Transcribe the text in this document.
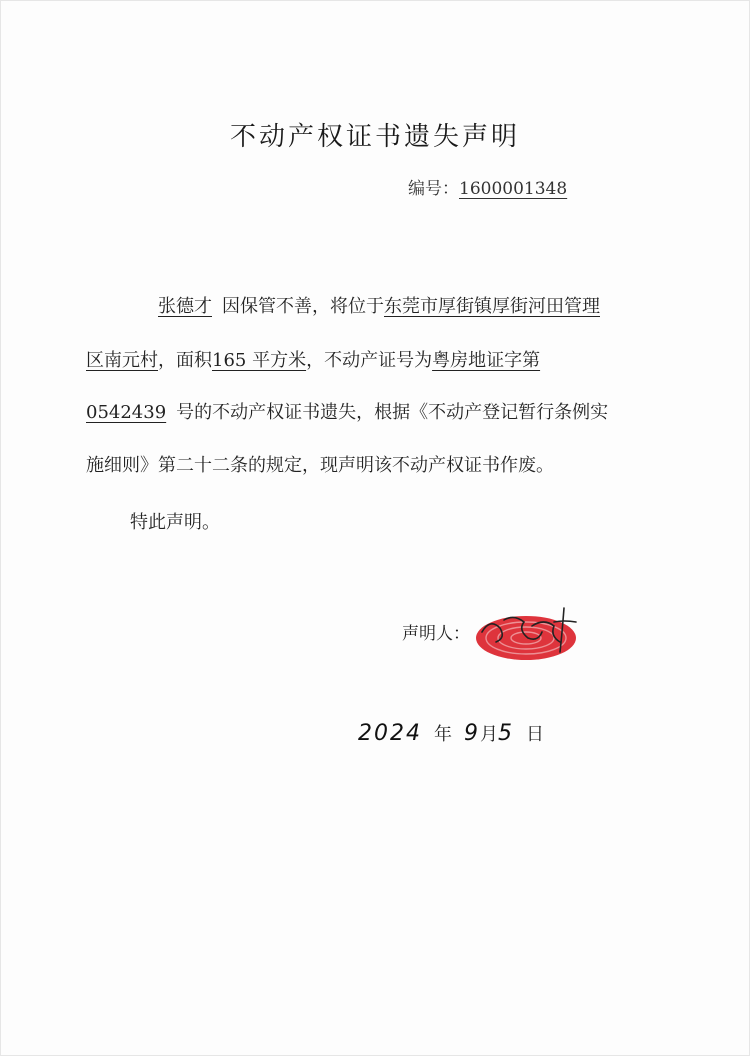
不动产权证书遗失声明
编号：1600001348
张德才 因保管不善，将位于东莞市厚街镇厚街河田管理
区南元村，面积165 平方米，不动产证号为粤房地证字第
0542439 号的不动产权证书遗失，根据《不动产登记暂行条例实
施细则》第二十二条的规定，现声明该不动产权证书作废。
特此声明。
声明人：
2024 年 9月5 日
